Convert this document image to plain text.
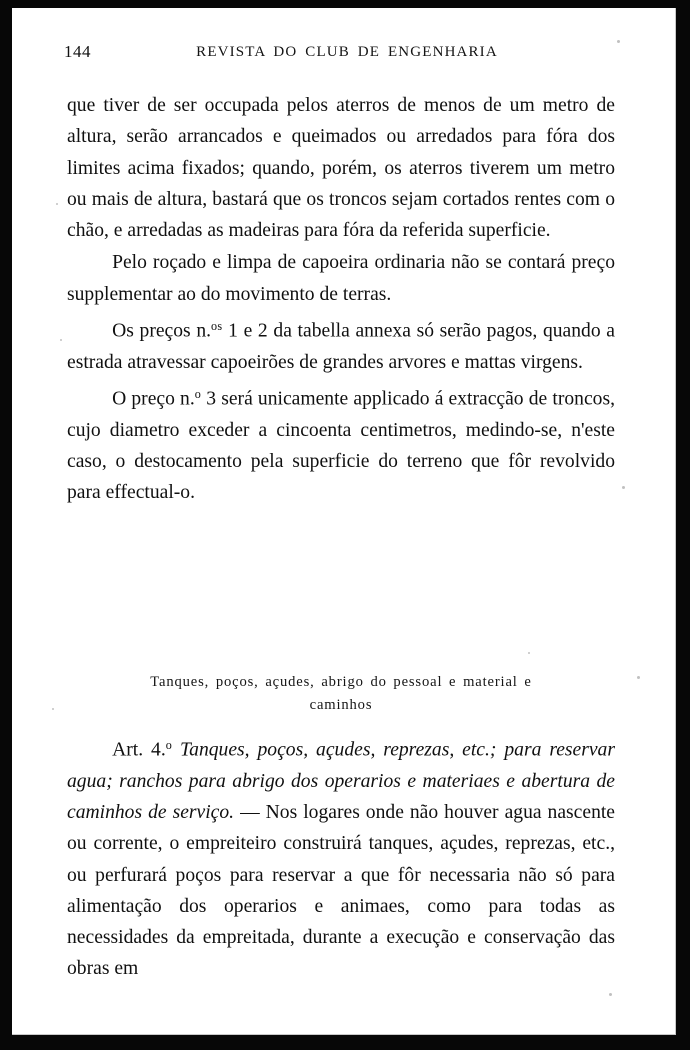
144	REVISTA DO CLUB DE ENGENHARIA

que tiver de ser occupada pelos aterros de menos de um metro de altura, serão arrancados e queimados ou arredados para fóra dos limites acima fixados; quando, porém, os aterros tiverem um metro ou mais de altura, bastará que os troncos sejam cortados rentes com o chão, e arredadas as madeiras para fóra da referida superficie.

Pelo roçado e limpa de capoeira ordinaria não se contará preço supplementar ao do movimento de terras.

Os preços n.$^{os}$ 1 e 2 da tabella annexa só serão pagos, quando a estrada atravessar capoeirões de grandes arvores e mattas virgens.

O preço n.$^o$ 3 será unicamente applicado á extracção de troncos, cujo diametro exceder a cincoenta centimetros, medindo-se, n'este caso, o destocamento pela superficie do terreno que fôr revolvido para effectual-o.

Tanques, poços, açudes, abrigo do pessoal e material e
caminhos

Art. 4.$^o$ Tanques, poços, açudes, reprezas, etc.; para reservar agua; ranchos para abrigo dos operarios e materiaes e abertura de caminhos de serviço. — Nos logares onde não houver agua nascente ou corrente, o empreiteiro construirá tanques, açudes, reprezas, etc., ou perfurará poços para reservar a que fôr necessaria não só para alimentação dos operarios e animaes, como para todas as necessidades da empreitada, durante a execução e conservação das obras em
